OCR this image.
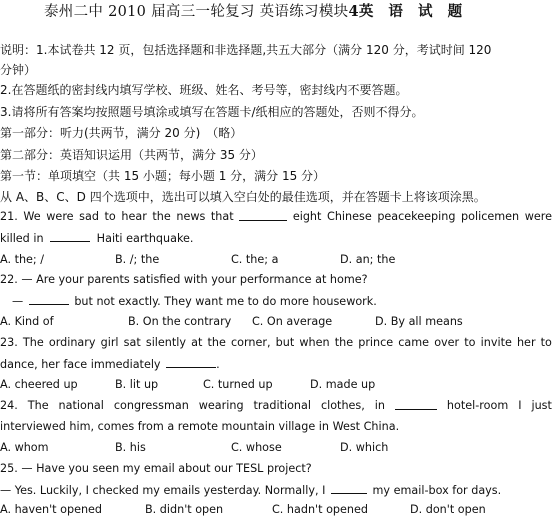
泰州二中 2010 届高三一轮复习 英语练习模块4英　语　试　题
说明：1.本试卷共 12 页，包括选择题和非选择题,共五大部分（满分 120 分，考试时间 120
分钟）
2.在答题纸的密封线内填写学校、班级、姓名、考号等，密封线内不要答题。
3.请将所有答案均按照题号填涂或填写在答题卡/纸相应的答题处，否则不得分。
第一部分：听力(共两节，满分 20 分)　（略）
第二部分：英语知识运用（共两节，满分 35 分）
第一节：单项填空（共 15 小题；每小题 1 分，满分 15 分）
从 A、B、C、D 四个选项中，选出可以填入空白处的最佳选项，并在答题卡上将该项涂黑。
21. We were sad to hear the news that	eight Chinese peacekeeping policemen were
killed in	Haiti earthquake.
A. the; /	B. /; the	C. the; a	D. an; the
22. — Are your parents satisfied with your performance at home?
—	but not exactly. They want me to do more housework.
A. Kind of	B. On the contrary C. On average	D. By all means
23. The ordinary girl sat silently at the corner, but when the prince came over to invite her to
dance, her face immediately	.
A. cheered up	B. lit up	C. turned up	D. made up
24. The national congressman wearing traditional clothes, in	hotel-room I just
interviewed him, comes from a remote mountain village in West China.
A. whom	B. his	C. whose	D. which
25. — Have you seen my email about our TESL project?
— Yes. Luckily, I checked my emails yesterday. Normally, I	my email-box for days.
A. haven't opened	B. didn't open	C. hadn't opened	D. don't open
